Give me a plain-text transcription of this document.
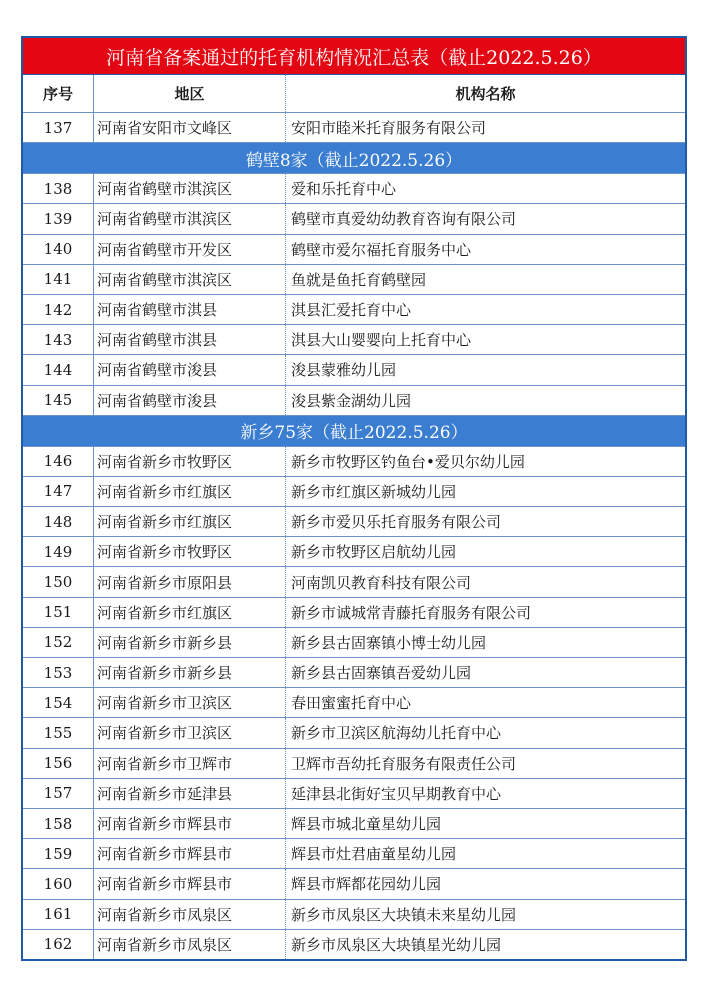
河南省备案通过的托育机构情况汇总表（截止2022.5.26）
序号	地区	机构名称
137	河南省安阳市文峰区	安阳市睦米托育服务有限公司
鹤壁8家（截止2022.5.26）
138	河南省鹤壁市淇滨区	爱和乐托育中心
139	河南省鹤壁市淇滨区	鹤壁市真爱幼幼教育咨询有限公司
140	河南省鹤壁市开发区	鹤壁市爱尔福托育服务中心
141	河南省鹤壁市淇滨区	鱼就是鱼托育鹤壁园
142	河南省鹤壁市淇县	淇县汇爱托育中心
143	河南省鹤壁市淇县	淇县大山婴婴向上托育中心
144	河南省鹤壁市浚县	浚县蒙雅幼儿园
145	河南省鹤壁市浚县	浚县紫金湖幼儿园
新乡75家（截止2022.5.26）
146	河南省新乡市牧野区	新乡市牧野区钓鱼台•爱贝尔幼儿园
147	河南省新乡市红旗区	新乡市红旗区新城幼儿园
148	河南省新乡市红旗区	新乡市爱贝乐托育服务有限公司
149	河南省新乡市牧野区	新乡市牧野区启航幼儿园
150	河南省新乡市原阳县	河南凯贝教育科技有限公司
151	河南省新乡市红旗区	新乡市诚城常青藤托育服务有限公司
152	河南省新乡市新乡县	新乡县古固寨镇小博士幼儿园
153	河南省新乡市新乡县	新乡县古固寨镇吾爱幼儿园
154	河南省新乡市卫滨区	春田蜜蜜托育中心
155	河南省新乡市卫滨区	新乡市卫滨区航海幼儿托育中心
156	河南省新乡市卫辉市	卫辉市吾幼托育服务有限责任公司
157	河南省新乡市延津县	延津县北街好宝贝早期教育中心
158	河南省新乡市辉县市	辉县市城北童星幼儿园
159	河南省新乡市辉县市	辉县市灶君庙童星幼儿园
160	河南省新乡市辉县市	辉县市辉都花园幼儿园
161	河南省新乡市凤泉区	新乡市凤泉区大块镇未来星幼儿园
162	河南省新乡市凤泉区	新乡市凤泉区大块镇星光幼儿园
